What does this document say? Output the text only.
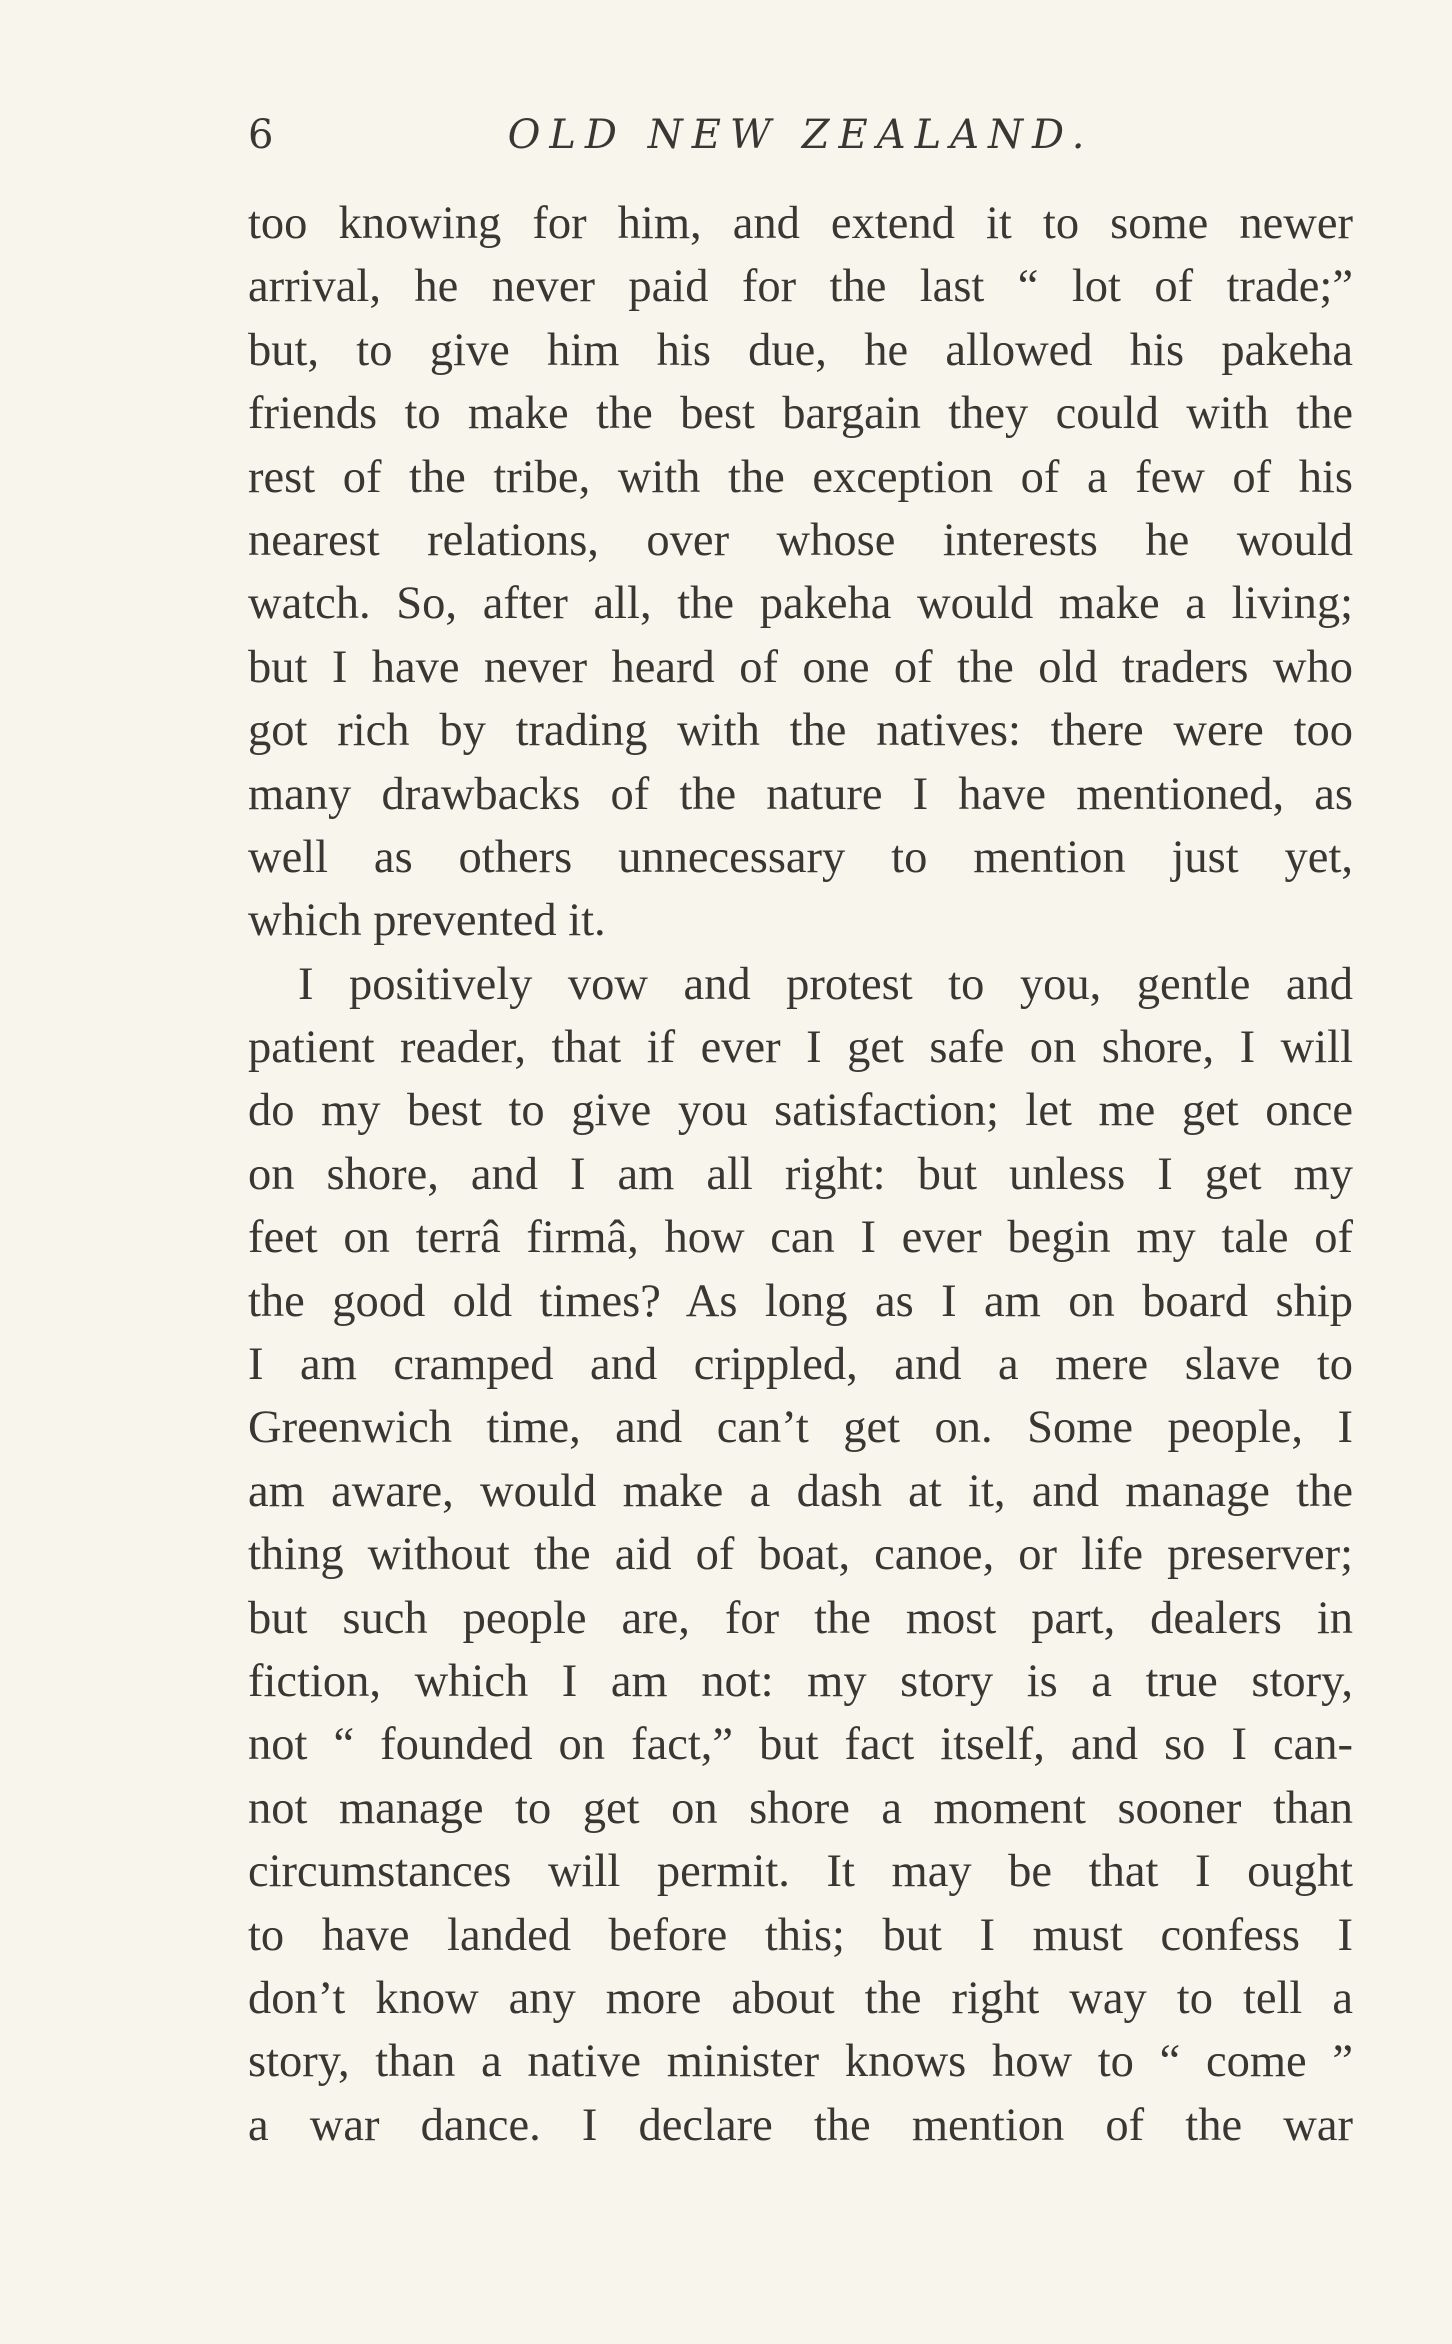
6	OLD NEW ZEALAND.
too knowing for him, and extend it to some newer
arrival, he never paid for the last “ lot of trade;”
but, to give him his due, he allowed his pakeha
friends to make the best bargain they could with the
rest of the tribe, with the exception of a few of his
nearest relations, over whose interests he would
watch. So, after all, the pakeha would make a living;
but I have never heard of one of the old traders who
got rich by trading with the natives: there were too
many drawbacks of the nature I have mentioned, as
well as others unnecessary to mention just yet,
which prevented it.
I positively vow and protest to you, gentle and
patient reader, that if ever I get safe on shore, I will
do my best to give you satisfaction; let me get once
on shore, and I am all right: but unless I get my
feet on terrâ firmâ, how can I ever begin my tale of
the good old times? As long as I am on board ship
I am cramped and crippled, and a mere slave to
Greenwich time, and can’t get on. Some people, I
am aware, would make a dash at it, and manage the
thing without the aid of boat, canoe, or life preserver;
but such people are, for the most part, dealers in
fiction, which I am not: my story is a true story,
not “ founded on fact,” but fact itself, and so I can-
not manage to get on shore a moment sooner than
circumstances will permit. It may be that I ought
to have landed before this; but I must confess I
don’t know any more about the right way to tell a
story, than a native minister knows how to “ come ”
a war dance. I declare the mention of the war
